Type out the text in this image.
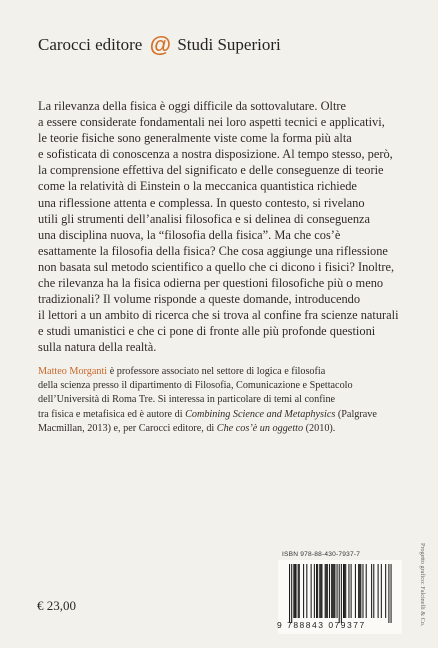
Carocci editore @ Studi Superiori
La rilevanza della fisica è oggi difficile da sottovalutare. Oltre
a essere considerate fondamentali nei loro aspetti tecnici e applicativi,
le teorie fisiche sono generalmente viste come la forma più alta
e sofisticata di conoscenza a nostra disposizione. Al tempo stesso, però,
la comprensione effettiva del significato e delle conseguenze di teorie
come la relatività di Einstein o la meccanica quantistica richiede
una riflessione attenta e complessa. In questo contesto, si rivelano
utili gli strumenti dell’analisi filosofica e si delinea di conseguenza
una disciplina nuova, la “filosofia della fisica”. Ma che cos’è
esattamente la filosofia della fisica? Che cosa aggiunge una riflessione
non basata sul metodo scientifico a quello che ci dicono i fisici? Inoltre,
che rilevanza ha la fisica odierna per questioni filosofiche più o meno
tradizionali? Il volume risponde a queste domande, introducendo
il lettori a un ambito di ricerca che si trova al confine fra scienze naturali
e studi umanistici e che ci pone di fronte alle più profonde questioni
sulla natura della realtà.
Matteo Morganti è professore associato nel settore di logica e filosofia
della scienza presso il dipartimento di Filosofia, Comunicazione e Spettacolo
dell’Università di Roma Tre. Si interessa in particolare di temi al confine
tra fisica e metafisica ed è autore di Combining Science and Metaphysics (Palgrave
Macmillan, 2013) e, per Carocci editore, di Che cos’è un oggetto (2010).
ISBN 978-88-430-7937-7
9 788843 079377
€ 23,00	Progetto grafico: Falcinelli & Co.
